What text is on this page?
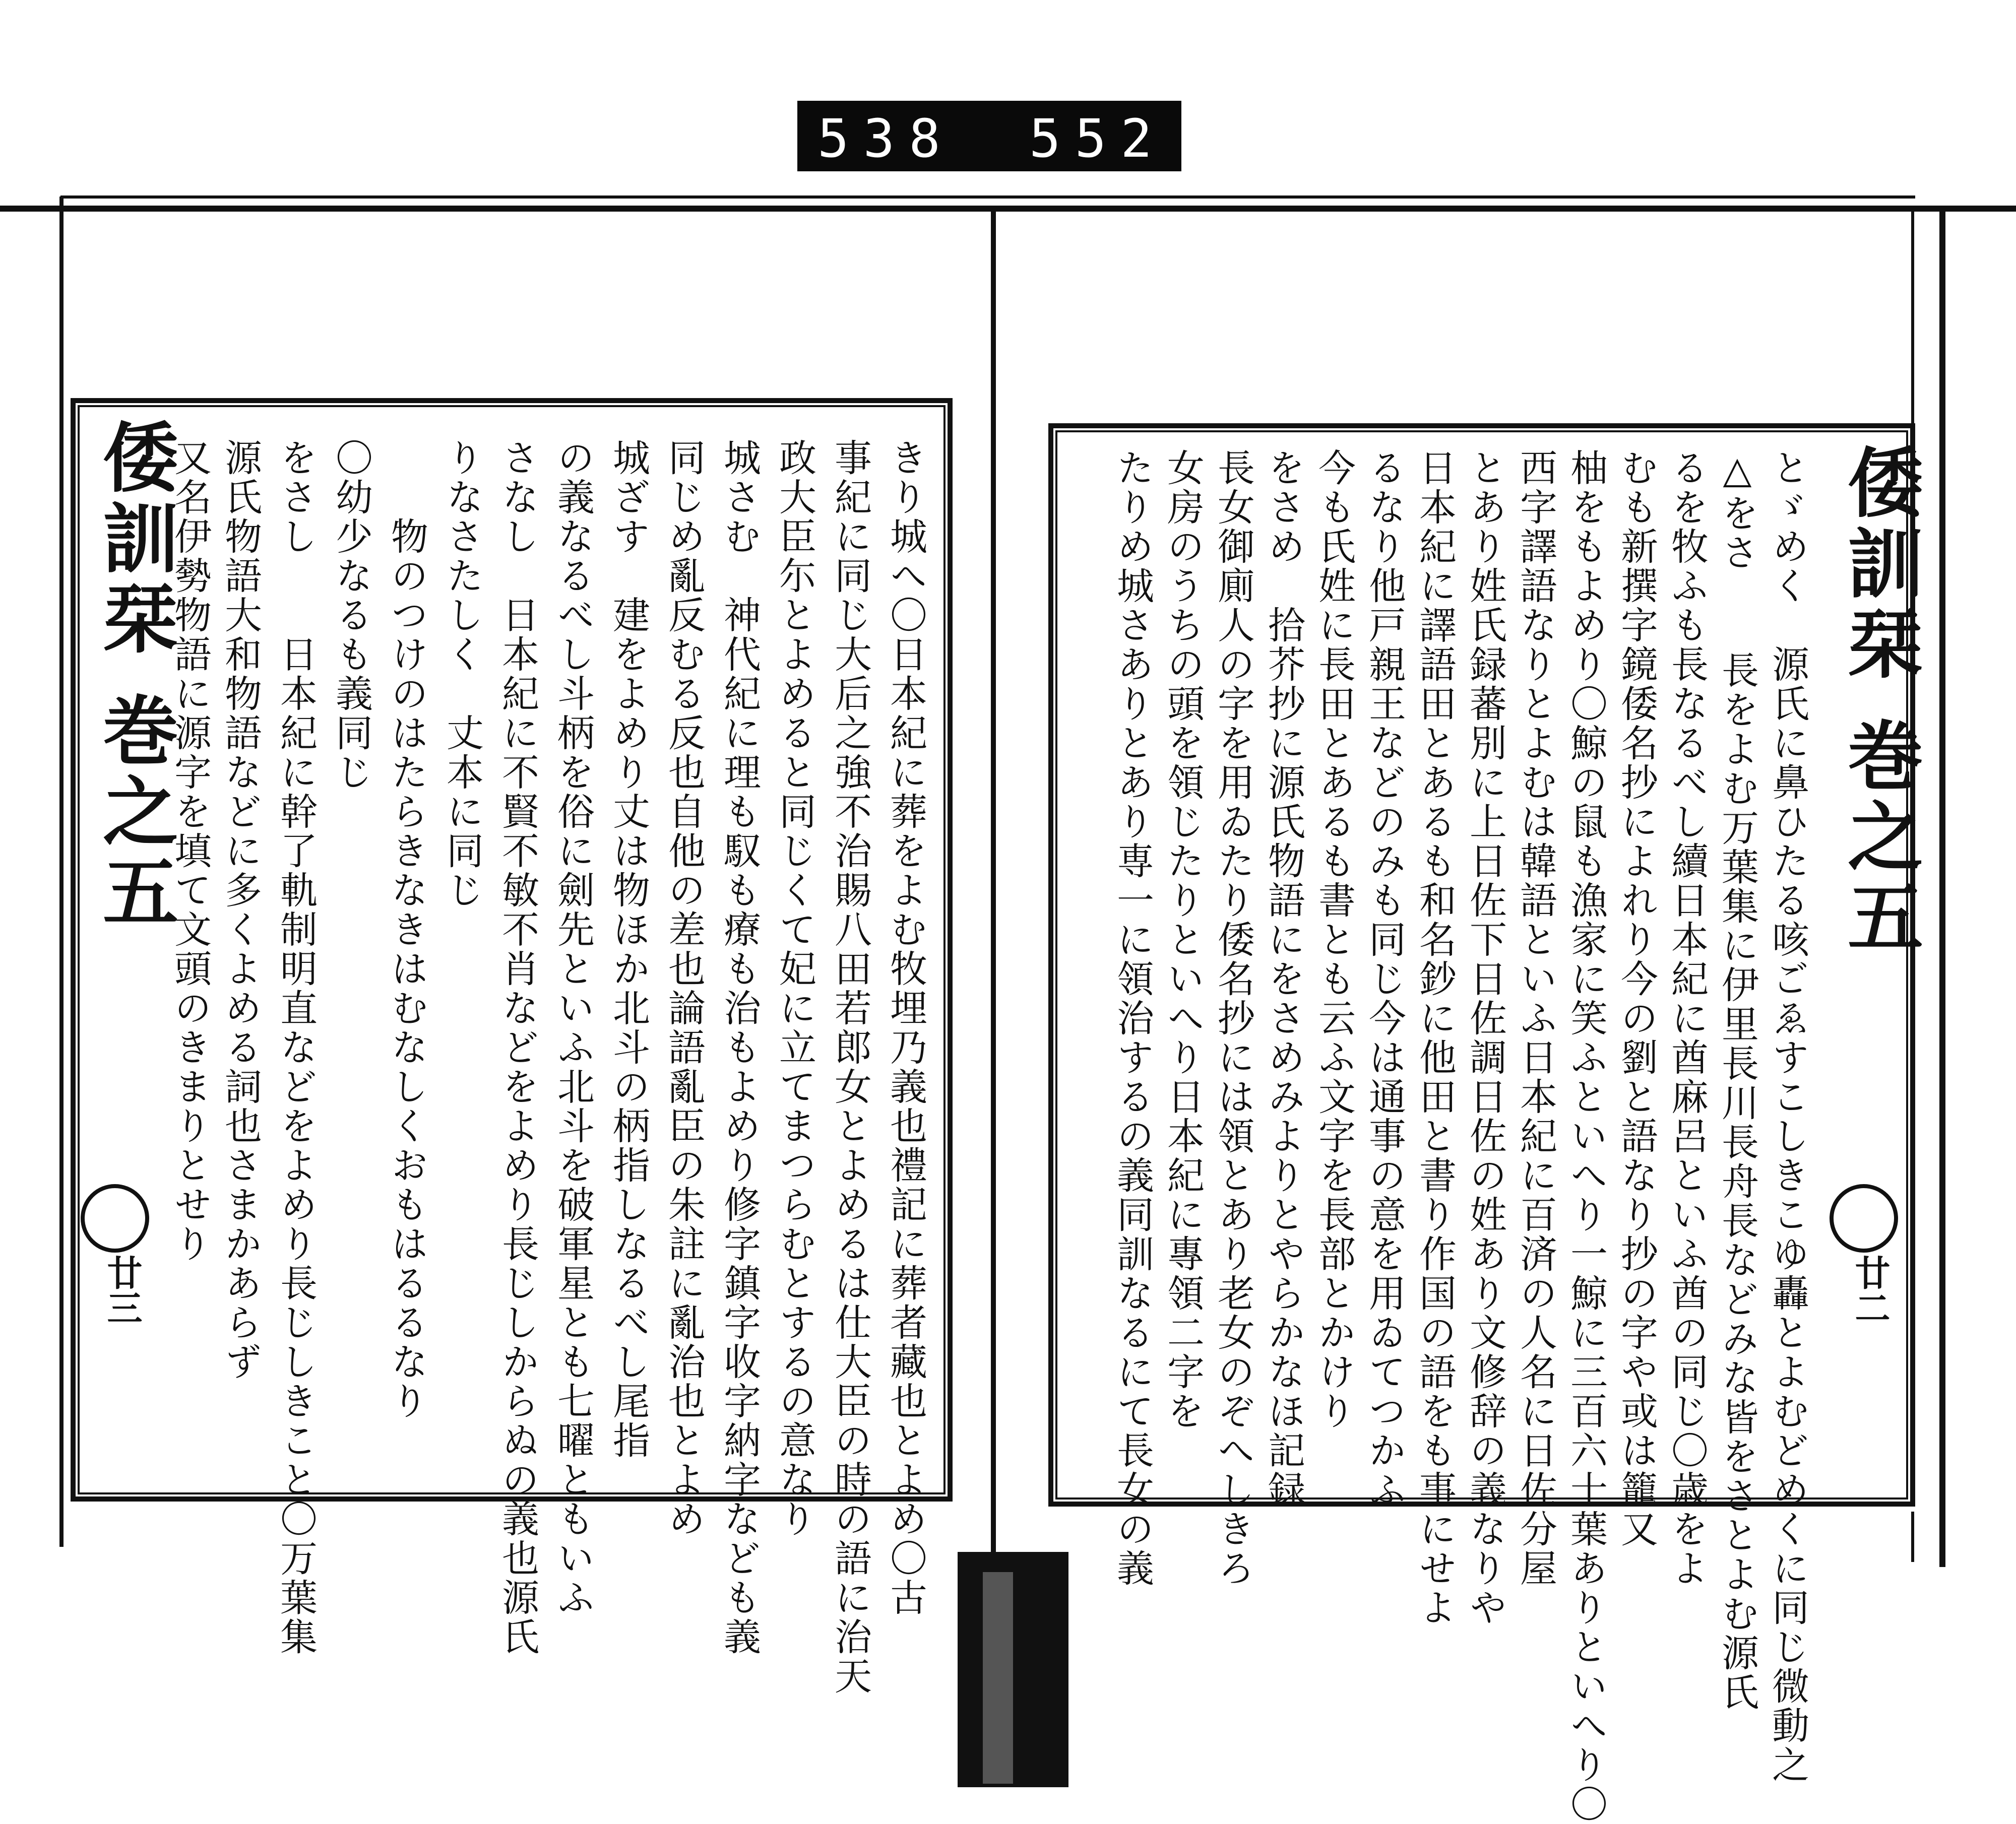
538 552
倭訓栞 巻之五
廿三	きり城へ〇日本紀に葬をよむ牧埋乃義也禮記に葬者藏也とよめ〇古
事紀に同じ大后之強不治賜八田若郎女とよめるは仕大臣の時の語に治天
政大臣尓とよめると同じくて妃に立てまつらむとするの意なり
城さむ　神代紀に理も馭も療も治もよめり修字鎮字收字納字なども義
同じめ亂反むる反也自他の差也論語亂臣の朱註に亂治也とよめ
城ざす　建をよめり丈は物ほか北斗の柄指しなるべし尾指
の義なるべし斗柄を俗に劍先といふ北斗を破軍星とも七曜ともいふ
さなし　日本紀に不賢不敏不肖などをよめり長じしからぬの義也源氏
りなさたしく　丈本に同じ
　　物のつけのはたらきなきはむなしくおもはるるなり
〇幼少なるも義同じ
をさし　　日本紀に幹了軌制明直などをよめり長じしきこと〇万葉集
源氏物語大和物語などに多くよめる詞也さまかあらず
又名伊勢物語に源字を填て文頭のきまりとせり	倭訓栞 巻之五
廿二
とゞめく　源氏に鼻ひたる咳ごゑすこしきこゆ轟とよむどめくに同じ微動之
△をさ　　長をよむ万葉集に伊里長川長舟長などみな皆をさとよむ源氏
るを牧ふも長なるべし續日本紀に酋麻呂といふ酋の同じ〇歳をよ
むも新撰字鏡倭名抄によれり今の劉と語なり抄の字や或は籠又
柚をもよめり〇鯨の鼠も漁家に笑ふといへり一鯨に三百六十葉ありといへり〇
西字譯語なりとよむは韓語といふ日本紀に百済の人名に日佐分屋
とあり姓氏録蕃別に上日佐下日佐調日佐の姓あり文修辞の義なりや
日本紀に譯語田とあるも和名鈔に他田と書り作国の語をも事にせよ
るなり他戸親王などのみも同じ今は通事の意を用ゐてつかふ
今も氏姓に長田とあるも書とも云ふ文字を長部とかけり
をさめ　拾芥抄に源氏物語にをさめみよりとやらかなほ記録
長女御廁人の字を用ゐたり倭名抄には領とあり老女のぞへしきろ
女房のうちの頭を領じたりといへり日本紀に專領二字を
たりめ城さありとあり専一に領治するの義同訓なるにて長女の義
